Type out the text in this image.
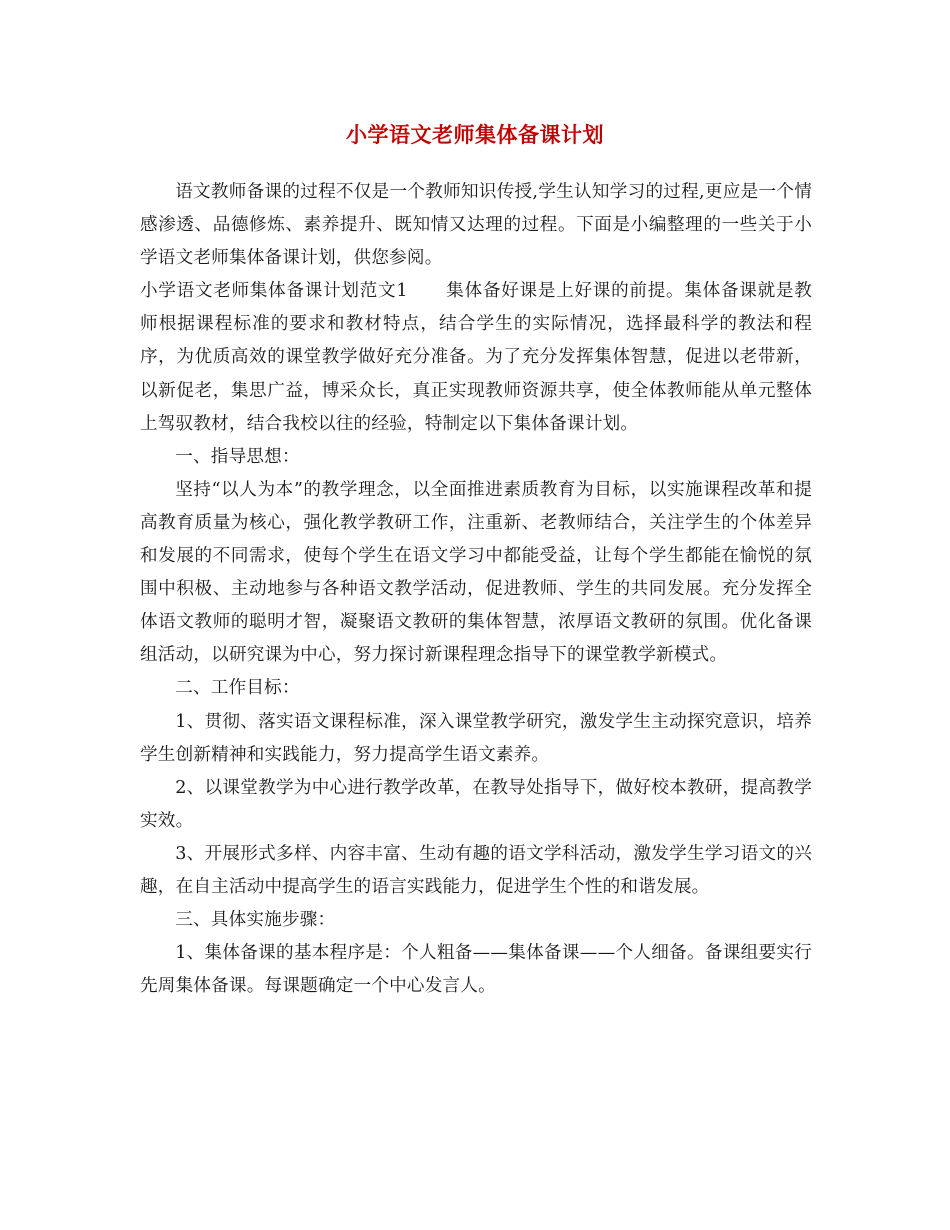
小学语文老师集体备课计划

语文教师备课的过程不仅是一个教师知识传授,学生认知学习的过程,更应是一个情感渗透、品德修炼、素养提升、既知情又达理的过程。下面是小编整理的一些关于小学语文老师集体备课计划，供您参阅。

小学语文老师集体备课计划范文1 集体备好课是上好课的前提。集体备课就是教师根据课程标准的要求和教材特点，结合学生的实际情况，选择最科学的教法和程序，为优质高效的课堂教学做好充分准备。为了充分发挥集体智慧，促进以老带新，以新促老，集思广益，博采众长，真正实现教师资源共享，使全体教师能从单元整体上驾驭教材，结合我校以往的经验，特制定以下集体备课计划。

一、指导思想：

坚持“以人为本”的教学理念，以全面推进素质教育为目标，以实施课程改革和提高教育质量为核心，强化教学教研工作，注重新、老教师结合，关注学生的个体差异和发展的不同需求，使每个学生在语文学习中都能受益，让每个学生都能在愉悦的氛围中积极、主动地参与各种语文教学活动，促进教师、学生的共同发展。充分发挥全体语文教师的聪明才智，凝聚语文教研的集体智慧，浓厚语文教研的氛围。优化备课组活动，以研究课为中心，努力探讨新课程理念指导下的课堂教学新模式。

二、工作目标：

1、贯彻、落实语文课程标准，深入课堂教学研究，激发学生主动探究意识，培养学生创新精神和实践能力，努力提高学生语文素养。

2、以课堂教学为中心进行教学改革，在教导处指导下，做好校本教研，提高教学实效。

3、开展形式多样、内容丰富、生动有趣的语文学科活动，激发学生学习语文的兴趣，在自主活动中提高学生的语言实践能力，促进学生个性的和谐发展。

三、具体实施步骤：

1、集体备课的基本程序是：个人粗备——集体备课——个人细备。备课组要实行先周集体备课。每课题确定一个中心发言人。
